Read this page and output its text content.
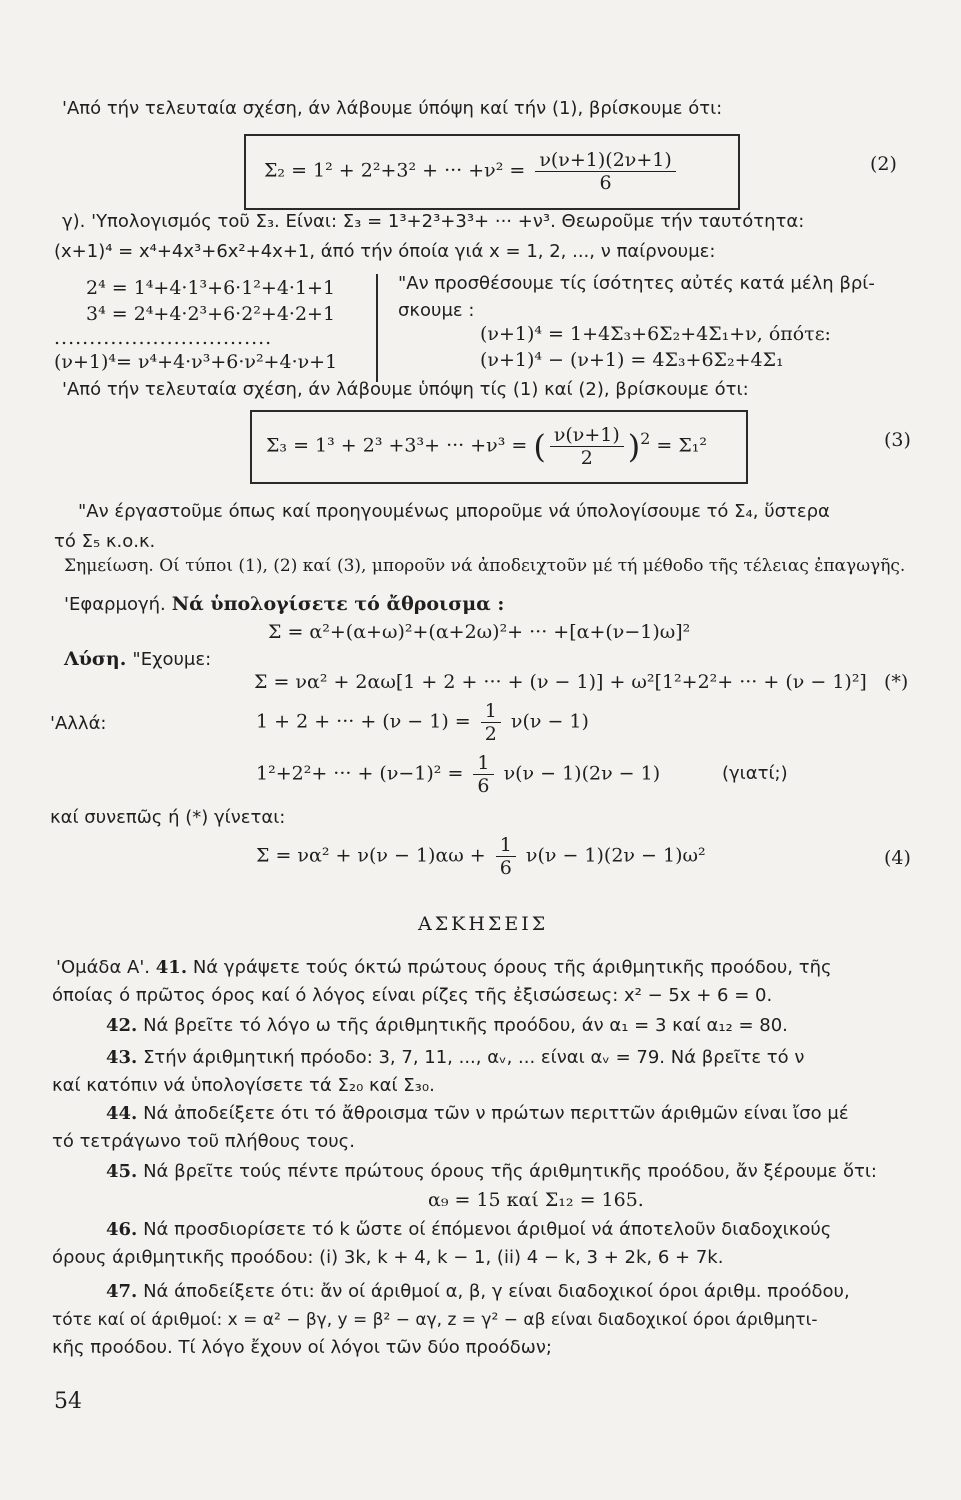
'Από τήν τελευταία σχέση, άν λάβουμε ύπόψη καί τήν (1), βρίσκουμε ότι:
Σ₂ = 1² + 2²+3² + ··· $+\nu^2 = \frac{\nu(\nu+1)(2\nu+1)}{6}$	(2)
γ). 'Υπολογισμός τοῦ Σ₃. Είναι: Σ₃ = 1³+2³+3³+ ··· +ν³. Θεωροῦμε τήν ταυτότητα:
(x+1)⁴ = x⁴+4x³+6x²+4x+1, άπό τήν όποία γιά x = 1, 2, ..., ν παίρνουμε:
2⁴ = 1⁴+4·1³+6·1²+4·1+1
3⁴ = 2⁴+4·2³+6·2²+4·2+1
...............................
(ν+1)⁴= ν⁴+4·ν³+6·ν²+4·ν+1
"Αν προσθέσουμε τίς ίσότητες αὐτές κατά μέλη βρί-
σκουμε :
(ν+1)⁴ = 1+4Σ₃+6Σ₂+4Σ₁+ν, όπότε:
(ν+1)⁴ − (ν+1) = 4Σ₃+6Σ₂+4Σ₁
'Από τήν τελευταία σχέση, άν λάβουμε ὑπόψη τίς (1) καί (2), βρίσκουμε ότι:
Σ₃ = 1³ + 2³ +3³+ ··· +ν³ = ( $\frac{\nu(\nu+1)}{2} )^2 = \Sigma_1^2$	(3)
"Αν έργαστοῦμε όπως καί προηγουμένως μποροῦμε νά ύπολογίσουμε τό Σ₄, ὕστερα
τό Σ₅ κ.ο.κ.
Σημείωση. Οί τύποι (1), (2) καί (3), μποροῦν νά ἀποδειχτοῦν μέ τή μέθοδο τῆς τέλειας ἐπαγωγῆς.
'Εφαρμογή. Νά ὑπολογίσετε τό ἄθροισμα :
Σ = α²+(α+ω)²+(α+2ω)²+ ··· +[α+(ν−1)ω]²
Λύση. "Εχουμε:
Σ = να² + 2αω[1 + 2 + ··· + (ν − 1)] + ω²[1²+2²+ ··· + (ν − 1)²] (*)
'Αλλά:	1 + 2 + ··· + $(\nu - 1) = \frac{1}{2} \nu(\nu - 1)$
1²+2²+ ··· + $(\nu-1)^2 = \frac{1}{6} \nu(\nu - 1)(2\nu - 1)$	(γιατί;)
καί συνεπῶς ή (*) γίνεται:
$\Sigma = \nu\alpha^2 + \nu(\nu - 1)\alpha\omega + \frac{1}{6} \nu(\nu - 1)(2\nu - 1)\omega^2$	(4)
ΑΣΚΗΣΕΙΣ
'Ομάδα Α'. 41. Νά γράψετε τούς όκτώ πρώτους όρους τῆς άριθμητικῆς προόδου, τῆς
όποίας ό πρῶτος όρος καί ό λόγος είναι ρίζες τῆς ἐξισώσεως: x² − 5x + 6 = 0.
42. Νά βρεῖτε τό λόγο ω τῆς άριθμητικῆς προόδου, άν α₁ = 3 καί α₁₂ = 80.
43. Στήν άριθμητική πρόοδο: 3, 7, 11, ..., αᵥ, ... είναι αᵥ = 79. Νά βρεῖτε τό ν
καί κατόπιν νά ὑπολογίσετε τά Σ₂₀ καί Σ₃₀.
44. Νά ἀποδείξετε ότι τό ἄθροισμα τῶν ν πρώτων περιττῶν άριθμῶν είναι ἴσο μέ
τό τετράγωνο τοῦ πλήθους τους.
45. Νά βρεῖτε τούς πέντε πρώτους όρους τῆς άριθμητικῆς προόδου, ἄν ξέρουμε ὅτι:
α₉ = 15 καί Σ₁₂ = 165.
46. Νά προσδιορίσετε τό k ὥστε οί έπόμενοι άριθμοί νά άποτελοῦν διαδοχικούς
όρους άριθμητικῆς προόδου: (i) 3k, k + 4, k − 1, (ii) 4 − k, 3 + 2k, 6 + 7k.
47. Νά άποδείξετε ότι: ἄν οί άριθμοί α, β, γ είναι διαδοχικοί όροι άριθμ. προόδου,
τότε καί οί άριθμοί: x = α² − βγ, y = β² − αγ, z = γ² − αβ είναι διαδοχικοί όροι άριθμητι-
κῆς προόδου. Τί λόγο ἔχουν οί λόγοι τῶν δύο προόδων;
54
